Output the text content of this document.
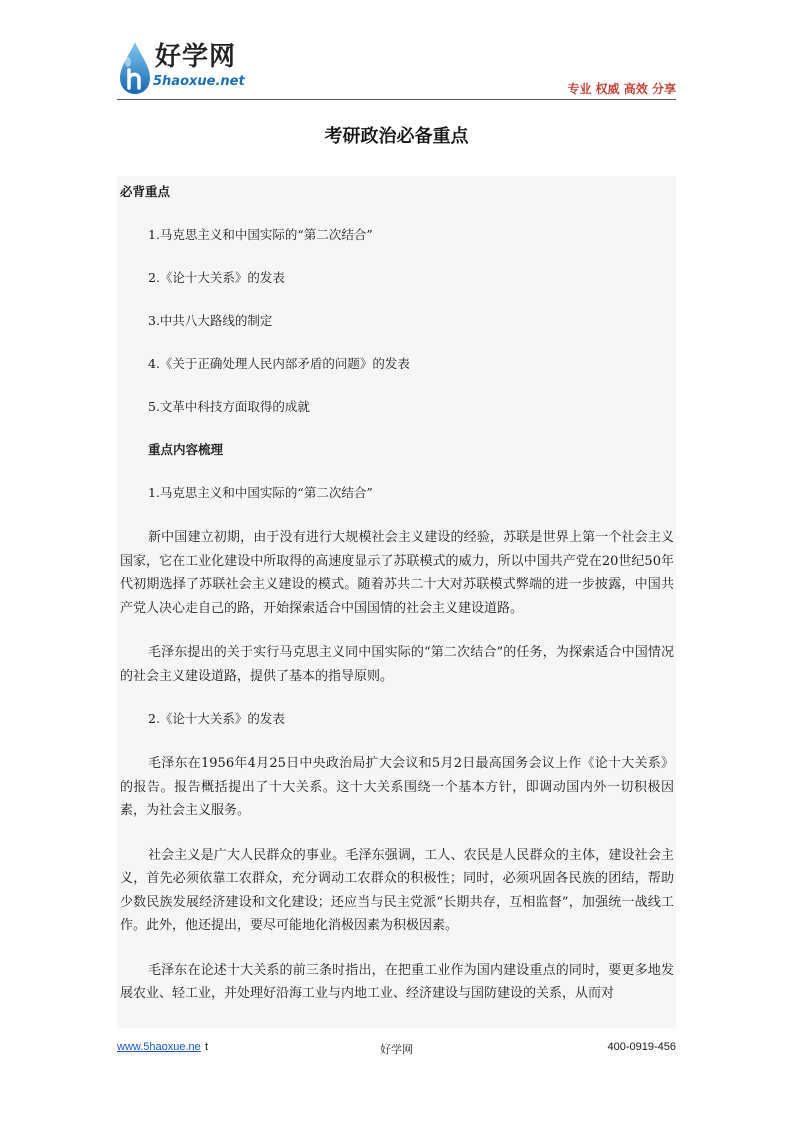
好学网
5haoxue.net	专业 权威 高效 分享
考研政治必备重点
必背重点
1.马克思主义和中国实际的“第二次结合”
2.《论十大关系》的发表
3.中共八大路线的制定
4.《关于正确处理人民内部矛盾的问题》的发表
5.文革中科技方面取得的成就
重点内容梳理
1.马克思主义和中国实际的“第二次结合”

新中国建立初期，由于没有进行大规模社会主义建设的经验，苏联是世界上第一个社会主义国家，它在工业化建设中所取得的高速度显示了苏联模式的威力，所以中国共产党在20世纪50年代初期选择了苏联社会主义建设的模式。随着苏共二十大对苏联模式弊端的进一步披露，中国共产党人决心走自己的路，开始探索适合中国国情的社会主义建设道路。

毛泽东提出的关于实行马克思主义同中国实际的“第二次结合”的任务，为探索适合中国情况的社会主义建设道路，提供了基本的指导原则。

2.《论十大关系》的发表

毛泽东在1956年4月25日中央政治局扩大会议和5月2日最高国务会议上作《论十大关系》的报告。报告概括提出了十大关系。这十大关系围绕一个基本方针，即调动国内外一切积极因素，为社会主义服务。

社会主义是广大人民群众的事业。毛泽东强调，工人、农民是人民群众的主体，建设社会主义，首先必须依靠工农群众，充分调动工农群众的积极性；同时，必须巩固各民族的团结，帮助少数民族发展经济建设和文化建设；还应当与民主党派“长期共存，互相监督”，加强统一战线工作。此外，他还提出，要尽可能地化消极因素为积极因素。

毛泽东在论述十大关系的前三条时指出，在把重工业作为国内建设重点的同时，要更多地发展农业、轻工业，并处理好沿海工业与内地工业、经济建设与国防建设的关系，从而对

www.5haoxue.ne t	好学网	400-0919-456
